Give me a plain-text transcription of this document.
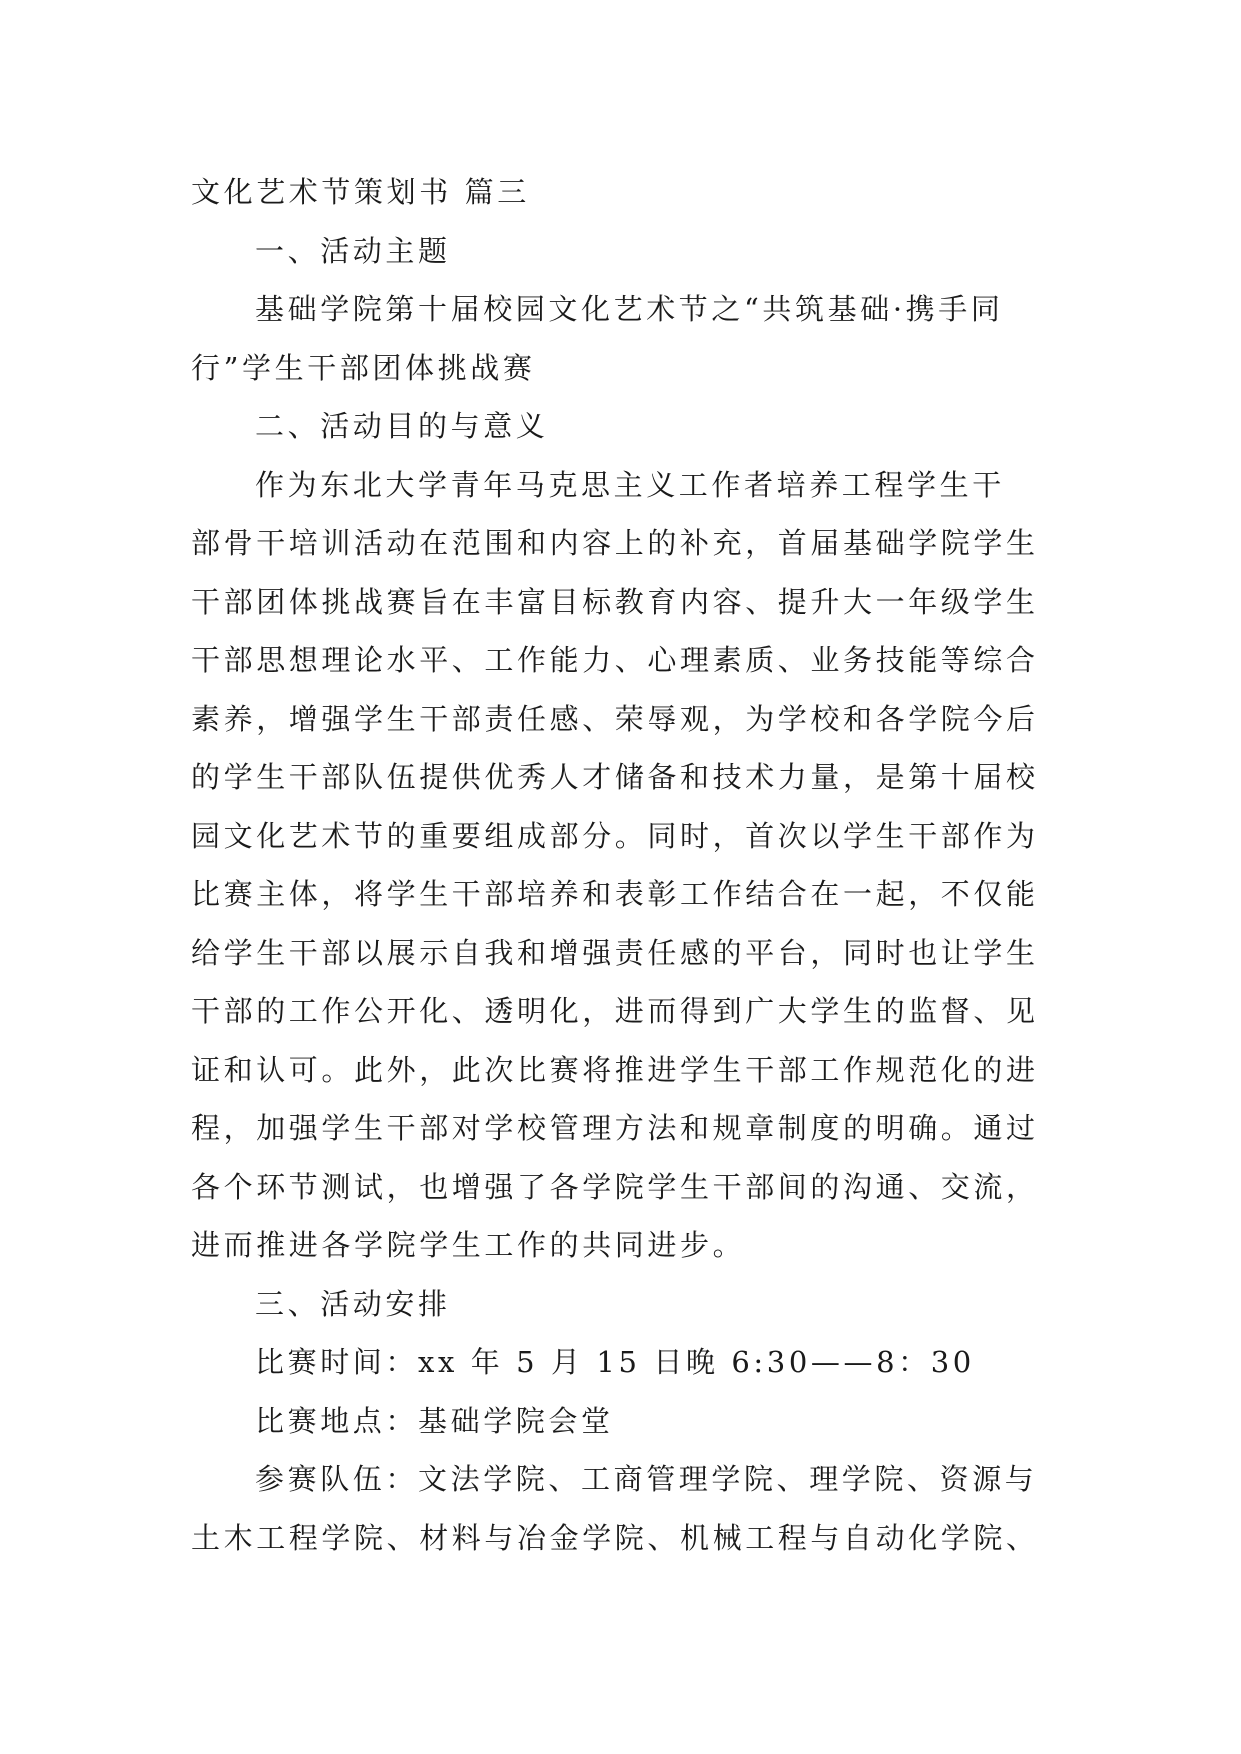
文化艺术节策划书 篇三
一、活动主题
基础学院第十届校园文化艺术节之“共筑基础·携手同
行”学生干部团体挑战赛
二、活动目的与意义
作为东北大学青年马克思主义工作者培养工程学生干
部骨干培训活动在范围和内容上的补充，首届基础学院学生
干部团体挑战赛旨在丰富目标教育内容、提升大一年级学生
干部思想理论水平、工作能力、心理素质、业务技能等综合
素养，增强学生干部责任感、荣辱观，为学校和各学院今后
的学生干部队伍提供优秀人才储备和技术力量，是第十届校
园文化艺术节的重要组成部分。同时，首次以学生干部作为
比赛主体，将学生干部培养和表彰工作结合在一起，不仅能
给学生干部以展示自我和增强责任感的平台，同时也让学生
干部的工作公开化、透明化，进而得到广大学生的监督、见
证和认可。此外，此次比赛将推进学生干部工作规范化的进
程，加强学生干部对学校管理方法和规章制度的明确。通过
各个环节测试，也增强了各学院学生干部间的沟通、交流，
进而推进各学院学生工作的共同进步。
三、活动安排
比赛时间：xx 年 5 月 15 日晚 6:30——8：30
比赛地点：基础学院会堂
参赛队伍：文法学院、工商管理学院、理学院、资源与
土木工程学院、材料与冶金学院、机械工程与自动化学院、
